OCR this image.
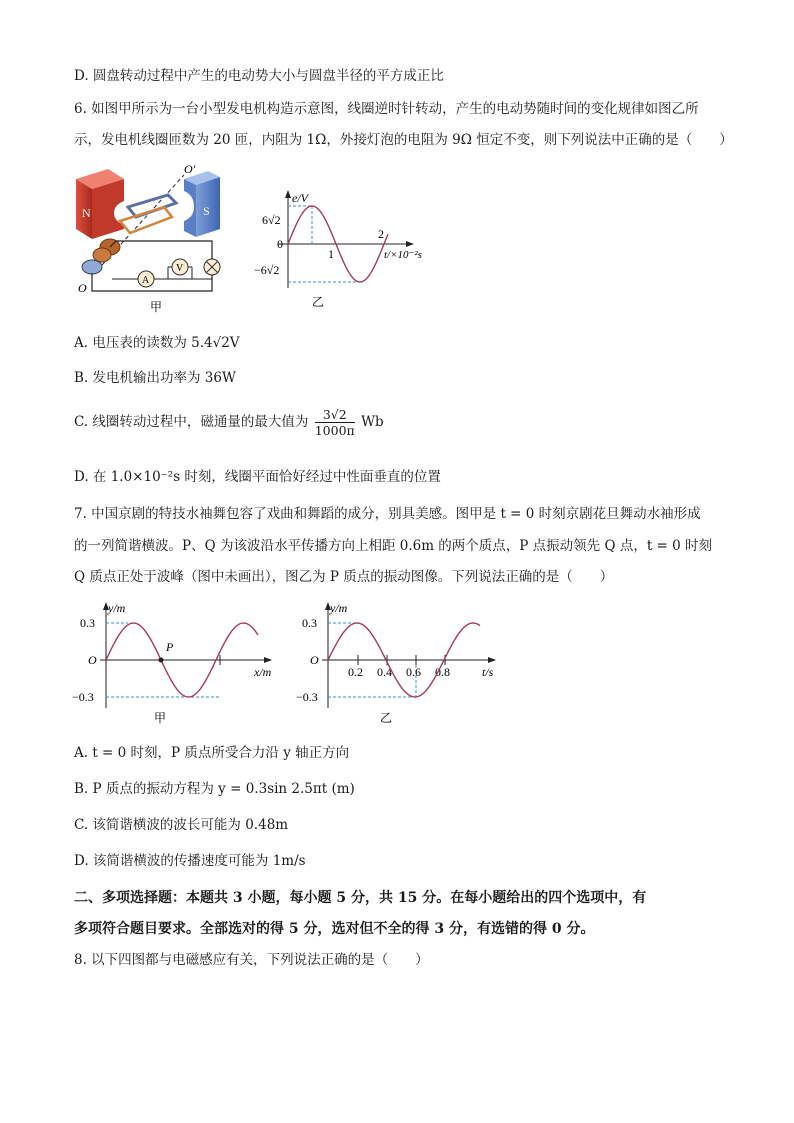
D. 圆盘转动过程中产生的电动势大小与圆盘半径的平方成正比
6. 如图甲所示为一台小型发电机构造示意图，线圈逆时针转动，产生的电动势随时间的变化规律如图乙所
示，发电机线圈匝数为 20 匝，内阻为 1Ω，外接灯泡的电阻为 9Ω 恒定不变，则下列说法中正确的是（　　）
N	S
O′
O
A
V
甲
e/V
t/×10⁻²s
6√2
−6√2
0
1
2
乙
A. 电压表的读数为 5.4√2V
B. 发电机输出功率为 36W
C. 线圈转动过程中，磁通量的最大值为 $\frac{3√2}{1000\pi}$ Wb
D. 在 1.0×10⁻²s 时刻，线圈平面恰好经过中性面垂直的位置
7. 中国京剧的特技水袖舞包容了戏曲和舞蹈的成分，别具美感。图甲是 t = 0 时刻京剧花旦舞动水袖形成
的一列简谐横波。P、Q 为该波沿水平传播方向上相距 0.6m 的两个质点，P 点振动领先 Q 点，t = 0 时刻
Q 质点正处于波峰（图中未画出），图乙为 P 质点的振动图像。下列说法正确的是（　　）
y/m
x/m
0.3
−0.3
O
P
甲
y/m
t/s
0.3
−0.3
O
0.2 0.4 0.6 0.8
乙
A. t = 0 时刻，P 质点所受合力沿 y 轴正方向
B. P 质点的振动方程为 y = 0.3sin 2.5πt (m)
C. 该简谐横波的波长可能为 0.48m
D. 该简谐横波的传播速度可能为 1m/s
二、多项选择题：本题共 3 小题，每小题 5 分，共 15 分。在每小题给出的四个选项中，有
多项符合题目要求。全部选对的得 5 分，选对但不全的得 3 分，有选错的得 0 分。
8. 以下四图都与电磁感应有关，下列说法正确的是（　　）
